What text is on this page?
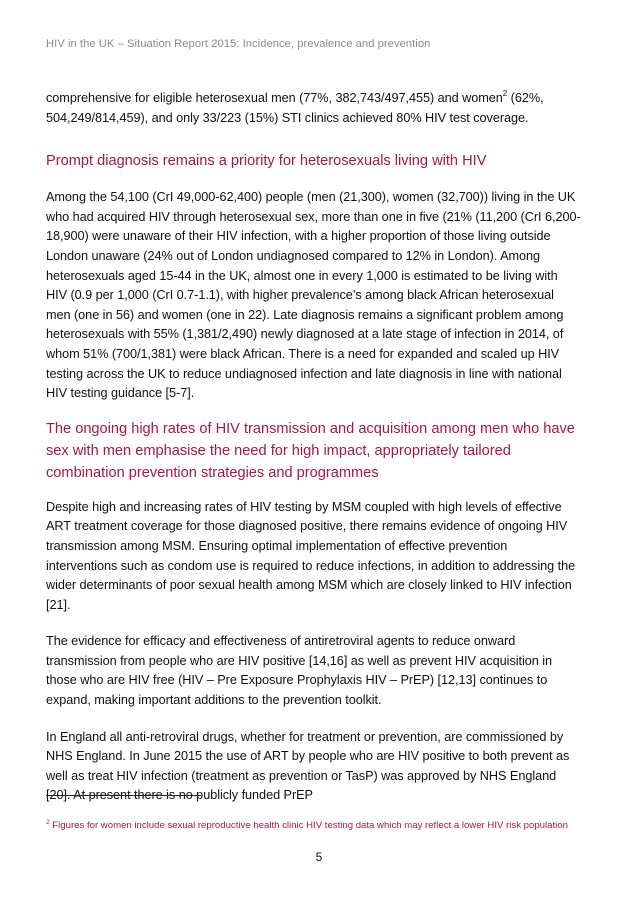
HIV in the UK – Situation Report 2015: Incidence, prevalence and prevention

comprehensive for eligible heterosexual men (77%, 382,743/497,455) and women$^2$ (62%, 504,249/814,459), and only 33/223 (15%) STI clinics achieved 80% HIV test coverage.

Prompt diagnosis remains a priority for heterosexuals living with HIV

Among the 54,100 (CrI 49,000-62,400) people (men (21,300), women (32,700)) living in the UK who had acquired HIV through heterosexual sex, more than one in five (21% (11,200 (CrI 6,200-18,900) were unaware of their HIV infection, with a higher proportion of those living outside London unaware (24% out of London undiagnosed compared to 12% in London). Among heterosexuals aged 15-44 in the UK, almost one in every 1,000 is estimated to be living with HIV (0.9 per 1,000 (CrI 0.7-1.1), with higher prevalence’s among black African heterosexual men (one in 56) and women (one in 22). Late diagnosis remains a significant problem among heterosexuals with 55% (1,381/2,490) newly diagnosed at a late stage of infection in 2014, of whom 51% (700/1,381) were black African. There is a need for expanded and scaled up HIV testing across the UK to reduce undiagnosed infection and late diagnosis in line with national HIV testing guidance [5-7].

The ongoing high rates of HIV transmission and acquisition among men who have sex with men emphasise the need for high impact, appropriately tailored combination prevention strategies and programmes

Despite high and increasing rates of HIV testing by MSM coupled with high levels of effective ART treatment coverage for those diagnosed positive, there remains evidence of ongoing HIV transmission among MSM. Ensuring optimal implementation of effective prevention interventions such as condom use is required to reduce infections, in addition to addressing the wider determinants of poor sexual health among MSM which are closely linked to HIV infection [21].

The evidence for efficacy and effectiveness of antiretroviral agents to reduce onward transmission from people who are HIV positive [14,16] as well as prevent HIV acquisition in those who are HIV free (HIV – Pre Exposure Prophylaxis HIV – PrEP) [12,13] continues to expand, making important additions to the prevention toolkit.

In England all anti-retroviral drugs, whether for treatment or prevention, are commissioned by NHS England. In June 2015 the use of ART by people who are HIV positive to both prevent as well as treat HIV infection (treatment as prevention or TasP) was approved by NHS England [20]. At present there is no publicly funded PrEP

$^2$ Figures for women include sexual reproductive health clinic HIV testing data which may reflect a lower HIV risk population
5
